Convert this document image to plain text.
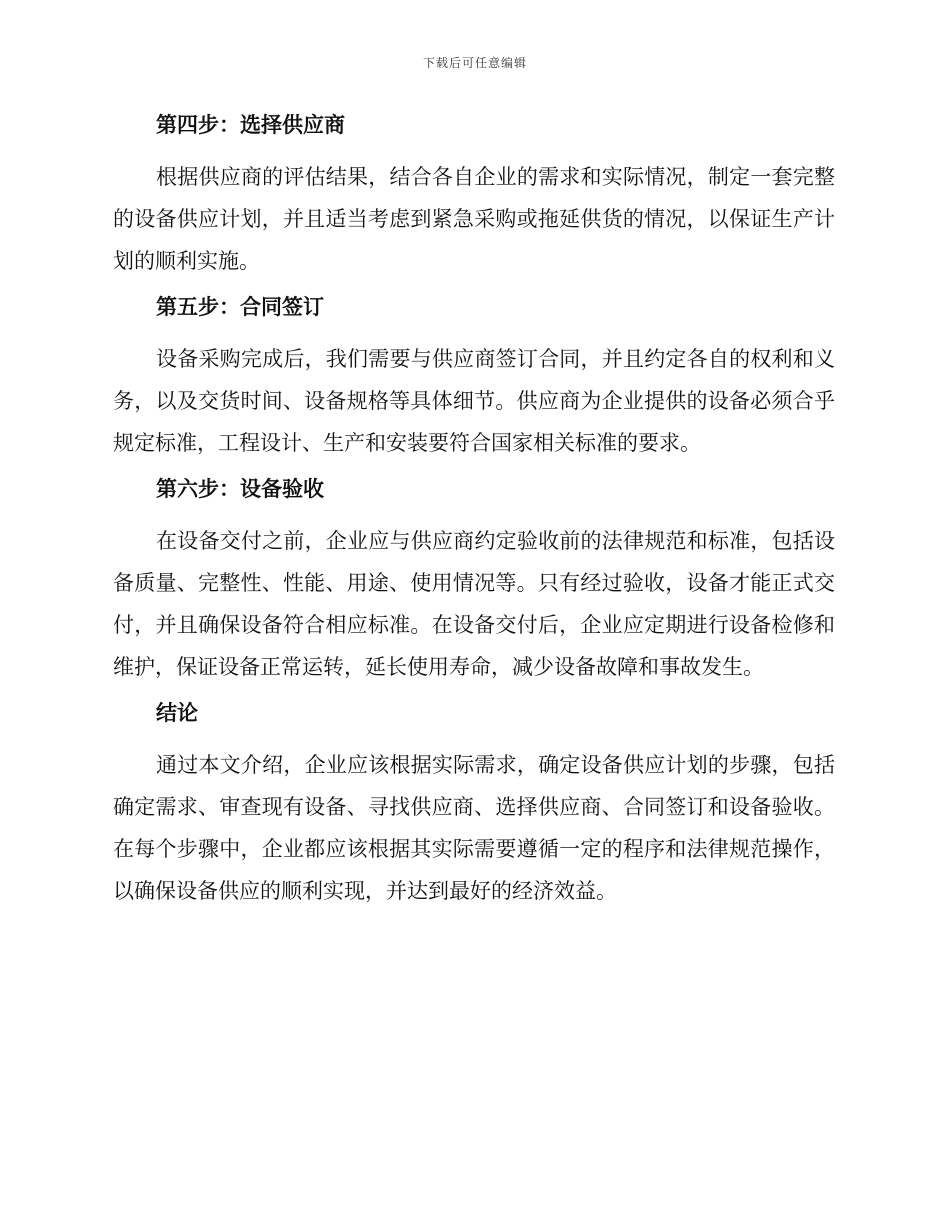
下载后可任意编辑
第四步：选择供应商

根据供应商的评估结果，结合各自企业的需求和实际情况，制定一套完整的设备供应计划，并且适当考虑到紧急采购或拖延供货的情况，以保证生产计划的顺利实施。

第五步：合同签订

设备采购完成后，我们需要与供应商签订合同，并且约定各自的权利和义务，以及交货时间、设备规格等具体细节。供应商为企业提供的设备必须合乎规定标准，工程设计、生产和安装要符合国家相关标准的要求。

第六步：设备验收

在设备交付之前，企业应与供应商约定验收前的法律规范和标准，包括设备质量、完整性、性能、用途、使用情况等。只有经过验收，设备才能正式交付，并且确保设备符合相应标准。在设备交付后，企业应定期进行设备检修和维护，保证设备正常运转，延长使用寿命，减少设备故障和事故发生。

结论

通过本文介绍，企业应该根据实际需求，确定设备供应计划的步骤，包括确定需求、审查现有设备、寻找供应商、选择供应商、合同签订和设备验收。在每个步骤中，企业都应该根据其实际需要遵循一定的程序和法律规范操作，以确保设备供应的顺利实现，并达到最好的经济效益。
